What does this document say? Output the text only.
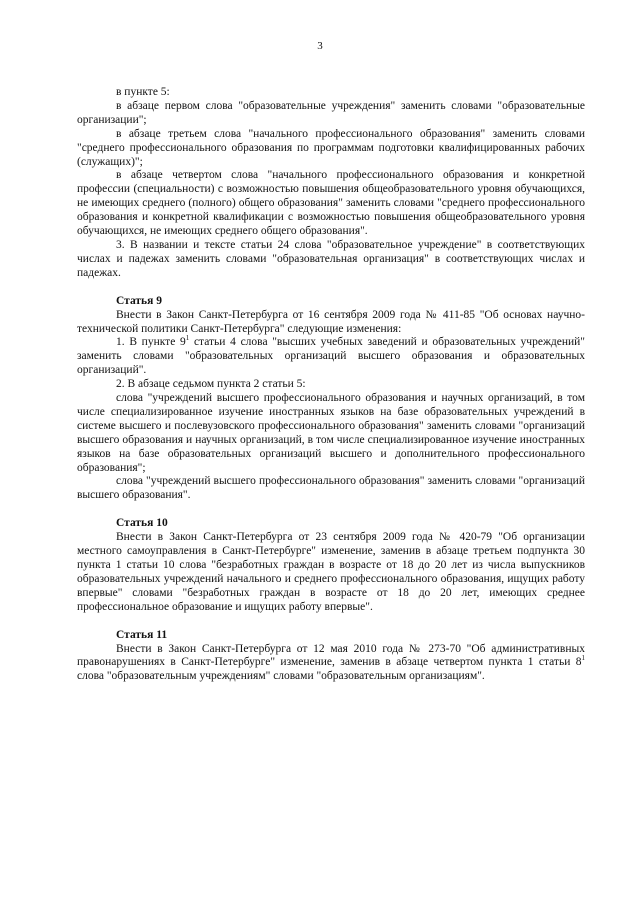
3

в пункте 5:

в абзаце первом слова "образовательные учреждения" заменить словами "образовательные организации";

в абзаце третьем слова "начального профессионального образования" заменить словами "среднего профессионального образования по программам подготовки квалифицированных рабочих (служащих)";

в абзаце четвертом слова "начального профессионального образования и конкретной профессии (специальности) с возможностью повышения общеобразовательного уровня обучающихся, не имеющих среднего (полного) общего образования" заменить словами "среднего профессионального образования и конкретной квалификации с возможностью повышения общеобразовательного уровня обучающихся, не имеющих среднего общего образования".

3. В названии и тексте статьи 24 слова "образовательное учреждение" в соответствующих числах и падежах заменить словами "образовательная организация" в соответствующих числах и падежах.

Статья 9

Внести в Закон Санкт-Петербурга от 16 сентября 2009 года № 411-85 "Об основах научно-технической политики Санкт-Петербурга" следующие изменения:

1. В пункте $9^1$ статьи 4 слова "высших учебных заведений и образовательных учреждений" заменить словами "образовательных организаций высшего образования и образовательных организаций".

2. В абзаце седьмом пункта 2 статьи 5:

слова "учреждений высшего профессионального образования и научных организаций, в том числе специализированное изучение иностранных языков на базе образовательных учреждений в системе высшего и послевузовского профессионального образования" заменить словами "организаций высшего образования и научных организаций, в том числе специализированное изучение иностранных языков на базе образовательных организаций высшего и дополнительного профессионального образования";

слова "учреждений высшего профессионального образования" заменить словами "организаций высшего образования".

Статья 10

Внести в Закон Санкт-Петербурга от 23 сентября 2009 года № 420-79 "Об организации местного самоуправления в Санкт-Петербурге" изменение, заменив в абзаце третьем подпункта 30 пункта 1 статьи 10 слова "безработных граждан в возрасте от 18 до 20 лет из числа выпускников образовательных учреждений начального и среднего профессионального образования, ищущих работу впервые" словами "безработных граждан в возрасте от 18 до 20 лет, имеющих среднее профессиональное образование и ищущих работу впервые".

Статья 11

Внести в Закон Санкт-Петербурга от 12 мая 2010 года № 273-70 "Об административных правонарушениях в Санкт-Петербурге" изменение, заменив в абзаце четвертом пункта 1 статьи $8^1$ слова "образовательным учреждениям" словами "образовательным организациям".
